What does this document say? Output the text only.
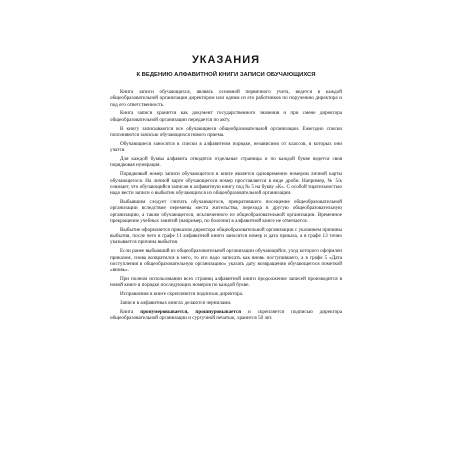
УКАЗАНИЯ
К ВЕДЕНИЮ АЛФАВИТНОЙ КНИГИ ЗАПИСИ ОБУЧАЮЩИХСЯ

Книга записи обучающихся, являясь основной первичного учета, ведется в каждой общеобразовательной организации директором или одним из его работников по поручению директора и под его ответственность.

Книга записи хранится как документ государственного значения и при смене директора общеобразовательной организации передается по акту.

В книгу записываются все обучающиеся общеобразовательной организации. Ежегодно списки пополняются записью обучающихся нового приема.

Обучающиеся заносятся в списки в алфавитном порядке, независимо от классов, в которых они учатся.

Для каждой буквы алфавита отводятся отдельные страницы и по каждой букве ведется своя порядковая нумерация.

Порядковый номер записи обучающегося в книге является одновременно номером личной карты обучающегося. На личной карте обучающегося номер проставляется в виде дроби. Например, № 5/к означает, что обучающийся записан в алфавитную книгу под № 5 на букву «К». С особой тщательностью надо вести записи о выбытии обучающихся из общеобразовательной организации.

Выбывшим следует считать обучающегося, прекратившего посещение общеобразовательной организации вследствие перемены места жительства, перехода в другую общеобразовательную организацию, а также обучающегося, исключенного из общеобразовательной организации. Временное прекращение учебных занятий (например, по болезни) в алфавитной книге не отмечается.

Выбытие оформляется приказом директора общеобразовательной организации с указанием причины выбытия, после чего в графе 11 алфавитной книги заносятся номер и дата приказа, а в графе 13 точно указывается причина выбытия.

Если ранее выбывший из общеобразовательной организации обучающийся, уход которого оформлен приказом, снова возвратился в него, то его надо записать как вновь поступившего, а в графе 5 «Дата поступления в общеобразовательную организацию» указать дату возвращения обучающегося пометкой «вновь».

При полном использовании всех страниц алфавитной книги продолжение записей производится в новой книге в порядке последующих номеров по каждой букве.

Исправления в книге скрепляются подписью директора.

Записи в алфавитных книгах делаются чернилами.

Книга пронумеровывается, прошнуровывается и скрепляется подписью директора общеобразовательной организации и сургучной печатью, хранится 50 лет.
